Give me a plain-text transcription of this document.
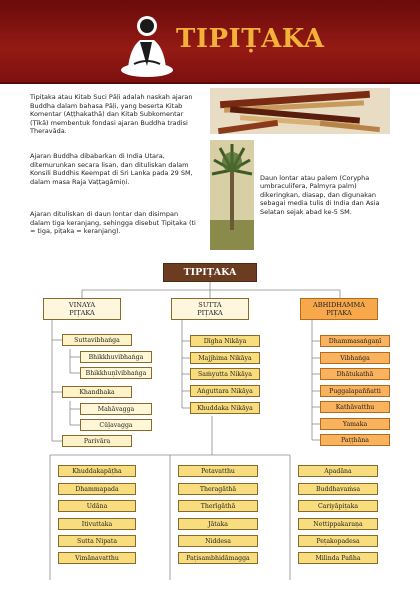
TIPIṬAKA
Tipiṭaka atau Kitab Suci Pāḷi adalah naskah ajaran Buddha dalam bahasa Pāḷi, yang beserta Kitab Komentar (Aṭṭhakathā) dan Kitab Subkomentar (Ṭīkā) membentuk fondasi ajaran Buddha tradisi Theravāda.
Ajaran Buddha dibabarkan di India Utara, ditemurunkan secara lisan, dan dituliskan dalam Konsili Buddhis Keempat di Sri Lanka pada 29 SM, dalam masa Raja Vaṭṭagāmiṇi.
Ajaran dituliskan di daun lontar dan disimpan dalam tiga keranjang, sehingga disebut Tipiṭaka (ti = tiga, piṭaka = keranjang).
Daun lontar atau palem (Corypha umbraculifera, Palmyra palm) dikeringkan, diasap, dan digunakan sebagai media tulis di India dan Asia Selatan sejak abad ke-5 SM.
TIPIṬAKA
VINAYA
PIṬAKA
SUTTA
PIṬAKA
ABHIDHAMMA
PIṬAKA
Suttavibhaṅga
Bhikkhuvibhaṅga
Bhikkhuṇīvibhaṅga
Khandhaka
Mahāvagga
Cūḷavagga
Parivāra
Dīgha Nikāya
Majjhima Nikāya
Saṁyutta Nikāya
Aṅguttara Nikāya
Khuddaka Nikāya
Dhammasaṅgaṇī
Vibhaṅga
Dhātukathā
Puggalapaññatti
Kathāvatthu
Yamaka
Paṭṭhāna
Khuddakapāṭha
Dhammapada
Udāna
Itivuttaka
Sutta Nipata
Vimānavatthu
Petavatthu
Theragāthā
Therīgāthā
Jātaka
Niddesa
Paṭisambhidāmagga
Apadāna
Buddhavaṁsa
Cariyāpiṭaka
Nettippakaraṇa
Peṭakopadesa
Milinda Pañha
